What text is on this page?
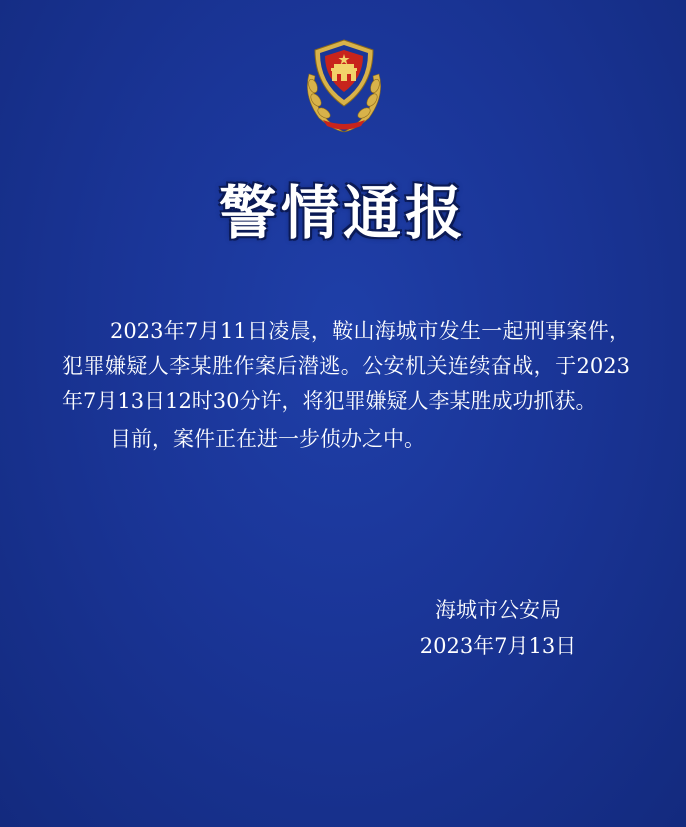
警情通报

2023年7月11日凌晨，鞍山海城市发生一起刑事案件，犯罪嫌疑人李某胜作案后潜逃。公安机关连续奋战，于2023年7月13日12时30分许，将犯罪嫌疑人李某胜成功抓获。

目前，案件正在进一步侦办之中。

海城市公安局
2023年7月13日
